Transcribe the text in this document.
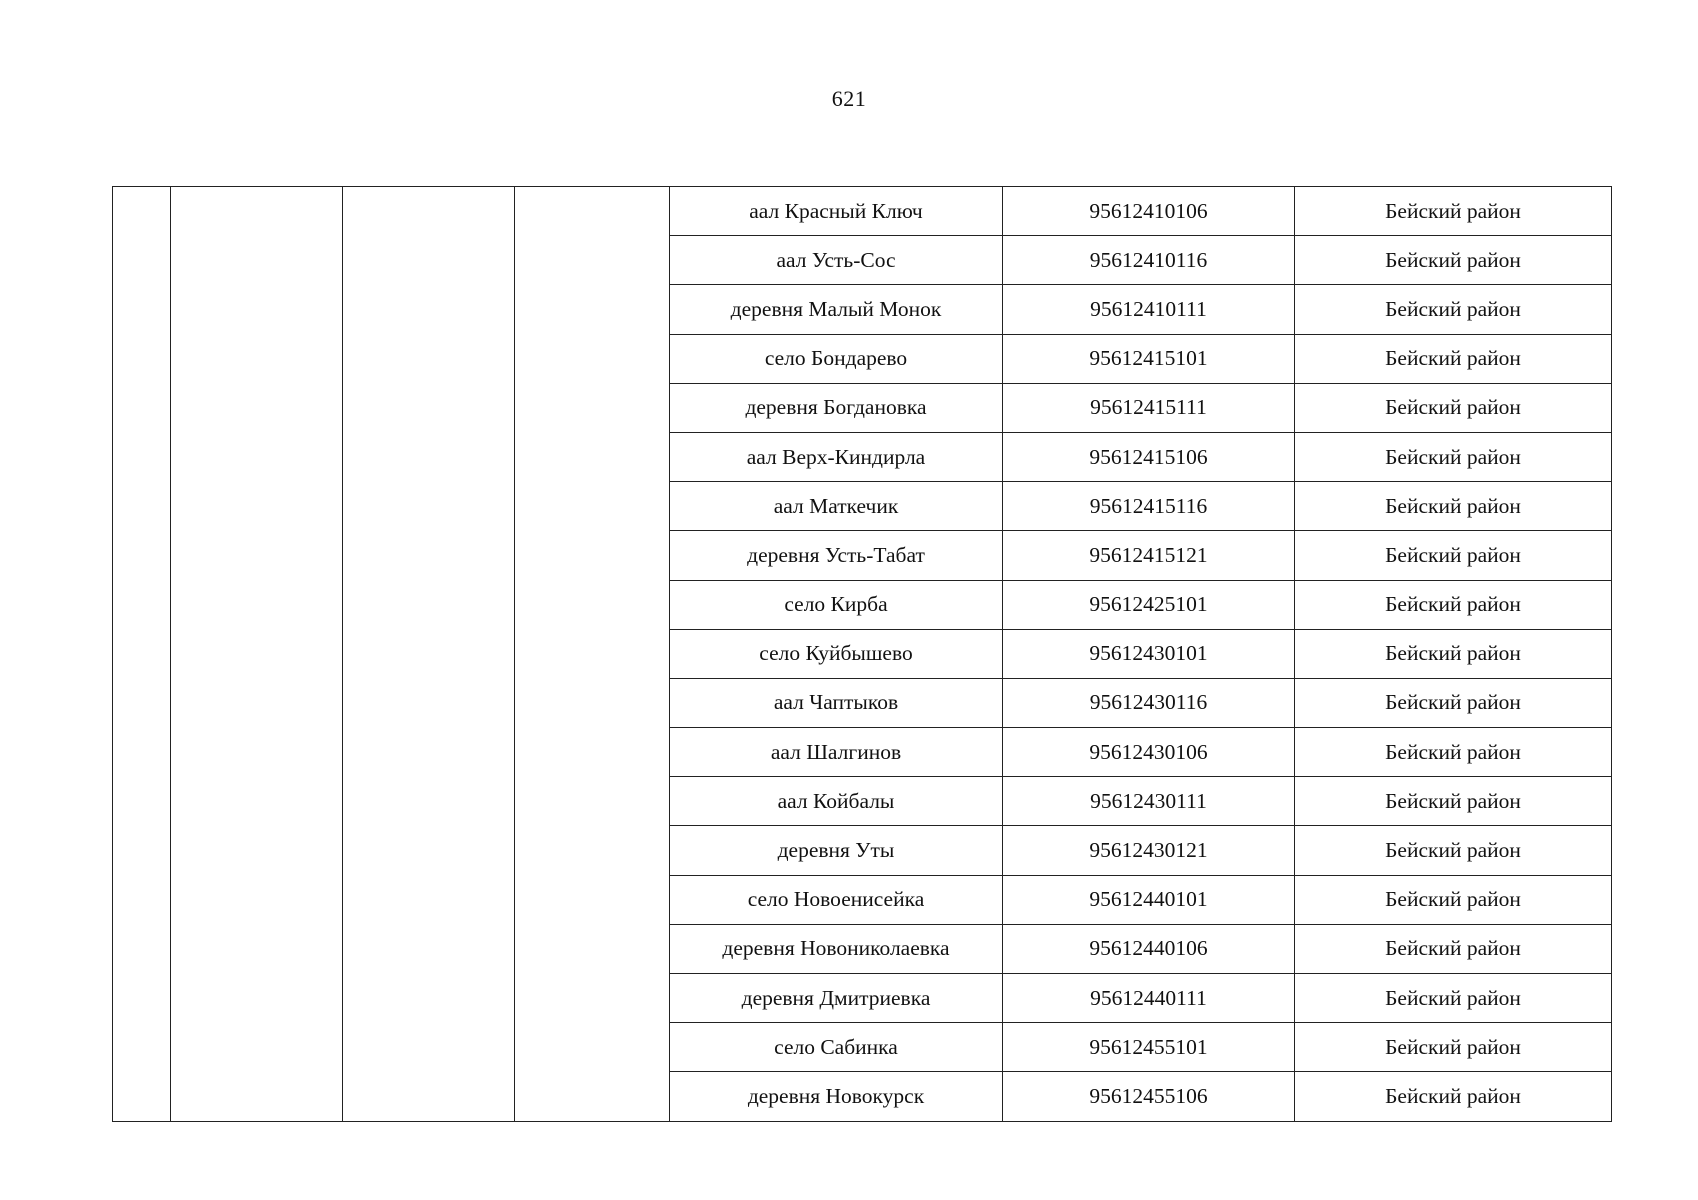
621
				аал Красный Ключ	95612410106	Бейский район
				аал Усть-Сос	95612410116	Бейский район
				деревня Малый Монок	95612410111	Бейский район
				село Бондарево	95612415101	Бейский район
				деревня Богдановка	95612415111	Бейский район
				аал Верх-Киндирла	95612415106	Бейский район
				аал Маткечик	95612415116	Бейский район
				деревня Усть-Табат	95612415121	Бейский район
				село Кирба	95612425101	Бейский район
				село Куйбышево	95612430101	Бейский район
				аал Чаптыков	95612430116	Бейский район
				аал Шалгинов	95612430106	Бейский район
				аал Койбалы	95612430111	Бейский район
				деревня Уты	95612430121	Бейский район
				село Новоенисейка	95612440101	Бейский район
				деревня Новониколаевка	95612440106	Бейский район
				деревня Дмитриевка	95612440111	Бейский район
				село Сабинка	95612455101	Бейский район
				деревня Новокурск	95612455106	Бейский район
